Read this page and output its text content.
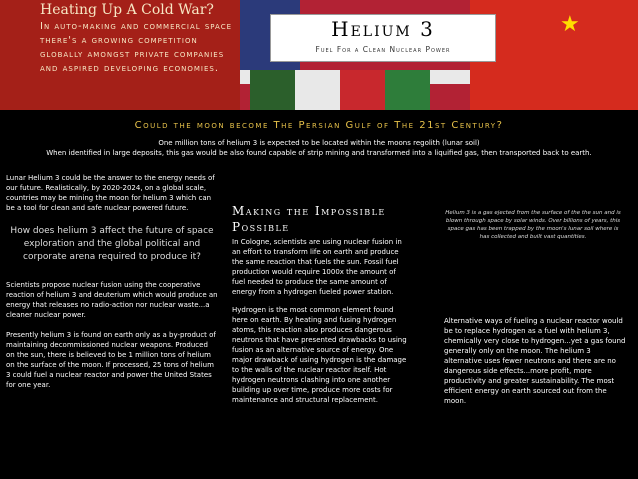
★
Heating Up A Cold War?
In auto-making and commercial space there's a growing competition globally amongst private companies and aspired developing economies.
Helium 3
Fuel For a Clean Nuclear Power
Could the moon become The Persian Gulf of The 21st Century?
One million tons of helium 3 is expected to be located within the moons regolith (lunar soil)
When identified in large deposits, this gas would be also found capable of strip mining and transformed into a liquified gas, then transported back to earth.
Lunar Helium 3 could be the answer to the energy needs of our future. Realistically, by 2020-2024, on a global scale, countries may be mining the moon for helium 3 which can be a tool for clean and safe nuclear powered future.
How does helium 3 affect the future of space exploration and the global political and corporate arena required to produce it?
Scientists propose nuclear fusion using the cooperative reaction of helium 3 and deuterium which would produce an energy that releases no radio-action nor nuclear waste...a cleaner nuclear power.
Presently helium 3 is found on earth only as a by-product of maintaining decommissioned nuclear weapons. Produced on the sun, there is believed to be 1 million tons of helium on the surface of the moon. If processed, 25 tons of helium 3 could fuel a nuclear reactor and power the United States for one year.
Making the Impossible Possible
In Cologne, scientists are using nuclear fusion in an effort to transform life on earth and produce the same reaction that fuels the sun. Fossil fuel production would require 1000x the amount of fuel needed to produce the same amount of energy from a hydrogen fueled power station.
Hydrogen is the most common element found here on earth. By heating and fusing hydrogen atoms, this reaction also produces dangerous neutrons that have presented drawbacks to using fusion as an alternative source of energy. One major drawback of using hydrogen is the damage to the walls of the nuclear reactor itself. Hot hydrogen neutrons clashing into one another building up over time, produce more costs for maintenance and structural replacement.
Helium 3 is a gas ejected from the surface of the the sun and is blown through space by solar winds. Over billions of years, this space gas has been trapped by the moon's lunar soil where is has collected and built vast quantities.
Alternative ways of fueling a nuclear reactor would be to replace hydrogen as a fuel with helium 3, chemically very close to hydrogen...yet a gas found generally only on the moon. The helium 3 alternative uses fewer neutrons and there are no dangerous side effects...more profit, more productivity and greater sustainability. The most efficient energy on earth sourced out from the moon.
